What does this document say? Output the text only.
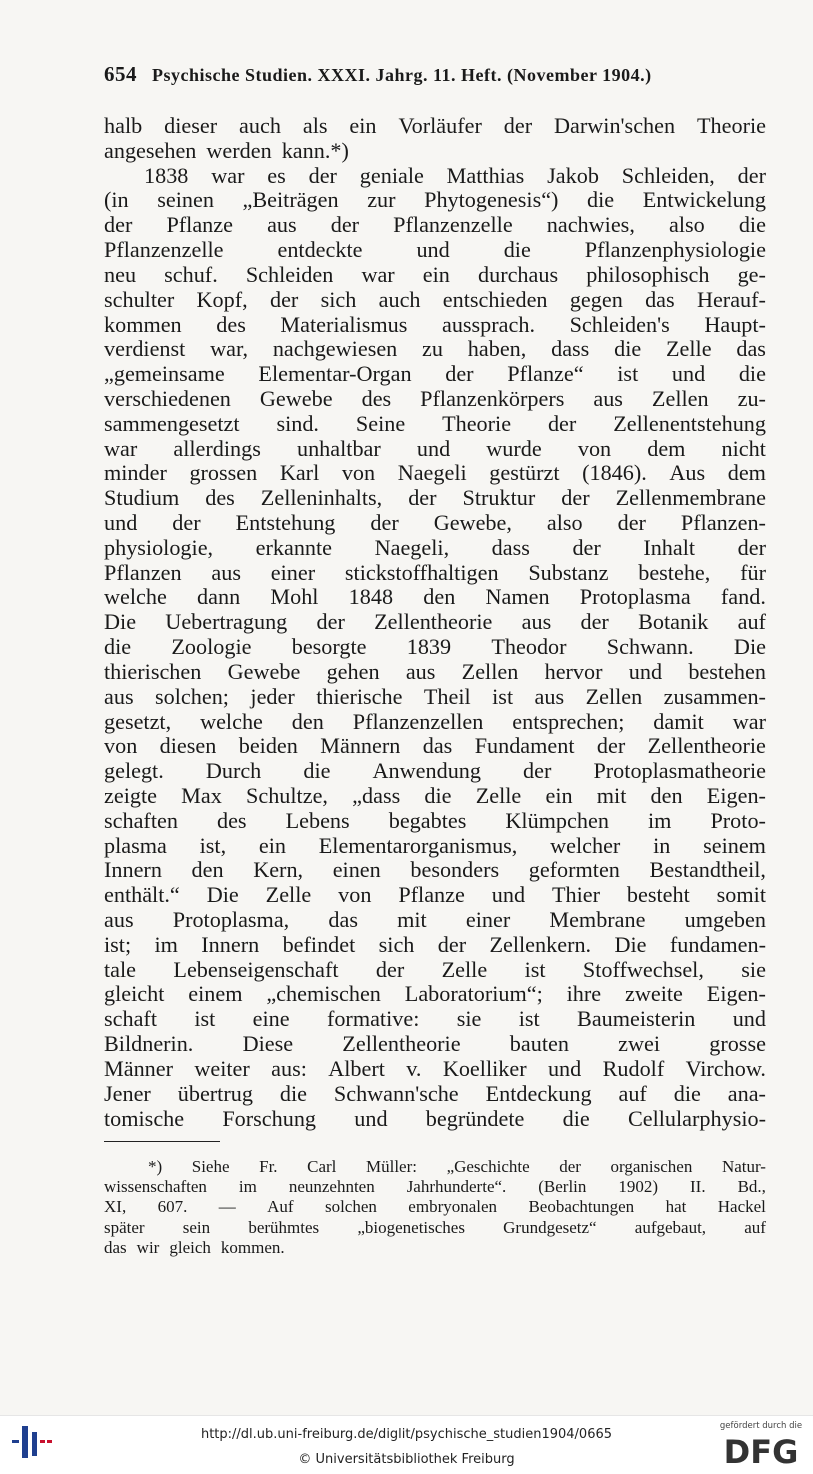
654 Psychische Studien. XXXI. Jahrg. 11. Heft. (November 1904.)
halb dieser auch als ein Vorläufer der Darwin'schen Theorie
angesehen werden kann.*)
1838 war es der geniale Matthias Jakob Schleiden, der
(in seinen „Beiträgen zur Phytogenesis“) die Entwickelung
der Pflanze aus der Pflanzenzelle nachwies, also die
Pflanzenzelle entdeckte und die Pflanzenphysiologie
neu schuf. Schleiden war ein durchaus philosophisch ge-
schulter Kopf, der sich auch entschieden gegen das Herauf-
kommen des Materialismus aussprach. Schleiden's Haupt-
verdienst war, nachgewiesen zu haben, dass die Zelle das
„gemeinsame Elementar-Organ der Pflanze“ ist und die
verschiedenen Gewebe des Pflanzenkörpers aus Zellen zu-
sammengesetzt sind. Seine Theorie der Zellenentstehung
war allerdings unhaltbar und wurde von dem nicht
minder grossen Karl von Naegeli gestürzt (1846). Aus dem
Studium des Zelleninhalts, der Struktur der Zellenmembrane
und der Entstehung der Gewebe, also der Pflanzen-
physiologie, erkannte Naegeli, dass der Inhalt der
Pflanzen aus einer stickstoffhaltigen Substanz bestehe, für
welche dann Mohl 1848 den Namen Protoplasma fand.
Die Uebertragung der Zellentheorie aus der Botanik auf
die Zoologie besorgte 1839 Theodor Schwann. Die
thierischen Gewebe gehen aus Zellen hervor und bestehen
aus solchen; jeder thierische Theil ist aus Zellen zusammen-
gesetzt, welche den Pflanzenzellen entsprechen; damit war
von diesen beiden Männern das Fundament der Zellentheorie
gelegt. Durch die Anwendung der Protoplasmatheorie
zeigte Max Schultze, „dass die Zelle ein mit den Eigen-
schaften des Lebens begabtes Klümpchen im Proto-
plasma ist, ein Elementarorganismus, welcher in seinem
Innern den Kern, einen besonders geformten Bestandtheil,
enthält.“ Die Zelle von Pflanze und Thier besteht somit
aus Protoplasma, das mit einer Membrane umgeben
ist; im Innern befindet sich der Zellenkern. Die fundamen-
tale Lebenseigenschaft der Zelle ist Stoffwechsel, sie
gleicht einem „chemischen Laboratorium“; ihre zweite Eigen-
schaft ist eine formative: sie ist Baumeisterin und
Bildnerin. Diese Zellentheorie bauten zwei grosse
Männer weiter aus: Albert v. Koelliker und Rudolf Virchow.
Jener übertrug die Schwann'sche Entdeckung auf die ana-
tomische Forschung und begründete die Cellularphysio-
*) Siehe Fr. Carl Müller: „Geschichte der organischen Natur-
wissenschaften im neunzehnten Jahrhunderte“. (Berlin 1902) II. Bd.,
XI, 607. — Auf solchen embryonalen Beobachtungen hat Hackel
später sein berühmtes „biogenetisches Grundgesetz“ aufgebaut, auf
das wir gleich kommen.
http://dl.ub.uni-freiburg.de/diglit/psychische_studien1904/0665
© Universitätsbibliothek Freiburg
gefördert durch die
DFG
